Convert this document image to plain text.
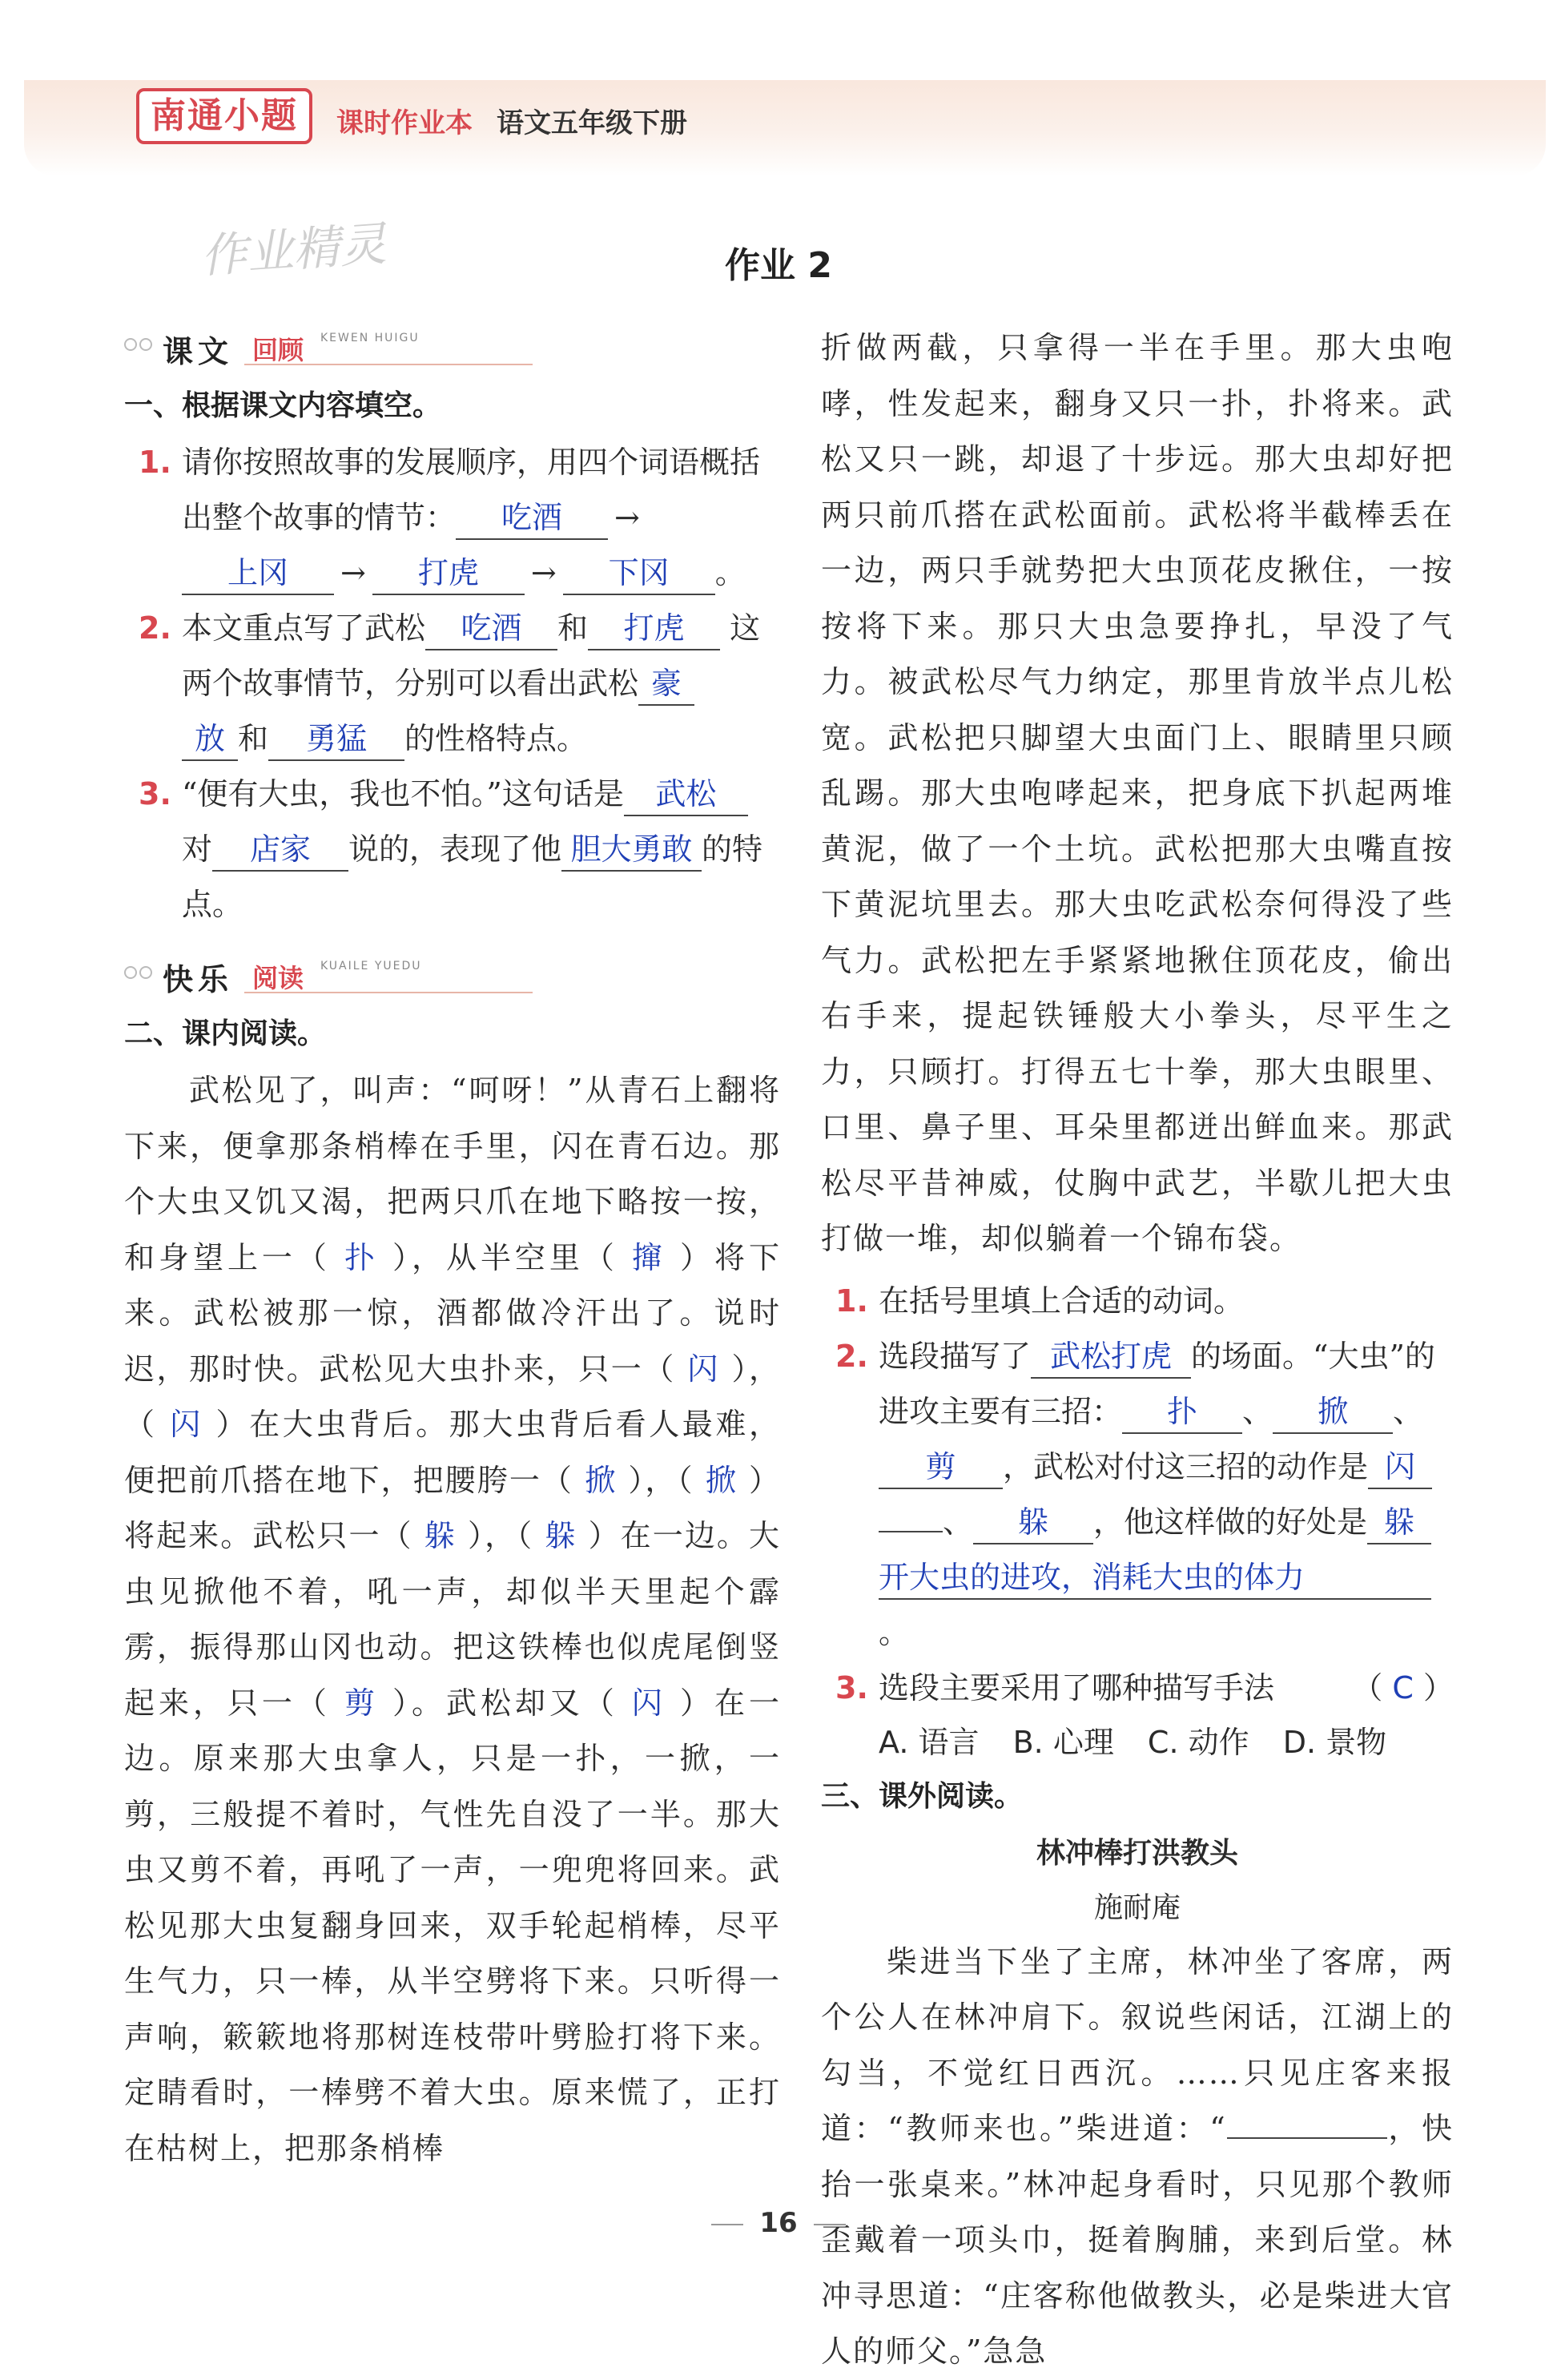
南通小题	课时作业本 语文五年级下册
作业精灵	作业 2
课文 回顾 KEWEN HUIGU
一、根据课文内容填空。
1. 请你按照故事的发展顺序，用四个词语概括出整个故事的情节： 吃酒 →
上冈 → 打虎 → 下冈 。
2. 本文重点写了武松 吃酒 和 打虎 这两个故事情节，分别可以看出武松 豪
放 和 勇猛 的性格特点。
3. “便有大虫，我也不怕。”这句话是 武松
对 店家 说的，表现了他 胆大勇敢 的特点。
快乐 阅读 KUAILE YUEDU
二、课内阅读。
武松见了，叫声：“呵呀！”从青石上翻将下来，便拿那条梢棒在手里，闪在青石边。那个大虫又饥又渴，把两只爪在地下略按一按，和身望上一（ 扑 ），从半空里（ 撺 ）将下来。武松被那一惊，酒都做冷汗出了。说时迟，那时快。武松见大虫扑来，只一（ 闪 ），（ 闪 ）在大虫背后。那大虫背后看人最难，便把前爪搭在地下，把腰胯一（ 掀 ），（ 掀 ）将起来。武松只一（ 躲 ），（ 躲 ）在一边。大虫见掀他不着，吼一声，却似半天里起个霹雳，振得那山冈也动。把这铁棒也似虎尾倒竖起来，只一（ 剪 ）。武松却又（ 闪 ）在一边。原来那大虫拿人，只是一扑，一掀，一剪，三般提不着时，气性先自没了一半。那大虫又剪不着，再吼了一声，一兜兜将回来。武松见那大虫复翻身回来，双手轮起梢棒，尽平生气力，只一棒，从半空劈将下来。只听得一声响，簌簌地将那树连枝带叶劈脸打将下来。定睛看时，一棒劈不着大虫。原来慌了，正打在枯树上，把那条梢棒
折做两截，只拿得一半在手里。那大虫咆哮，性发起来，翻身又只一扑，扑将来。武松又只一跳，却退了十步远。那大虫却好把两只前爪搭在武松面前。武松将半截棒丢在一边，两只手就势把大虫顶花皮揪住，一按按将下来。那只大虫急要挣扎，早没了气力。被武松尽气力纳定，那里肯放半点儿松宽。武松把只脚望大虫面门上、眼睛里只顾乱踢。那大虫咆哮起来，把身底下扒起两堆黄泥，做了一个土坑。武松把那大虫嘴直按下黄泥坑里去。那大虫吃武松奈何得没了些气力。武松把左手紧紧地揪住顶花皮，偷出右手来，提起铁锤般大小拳头，尽平生之力，只顾打。打得五七十拳，那大虫眼里、口里、鼻子里、耳朵里都迸出鲜血来。那武松尽平昔神威，仗胸中武艺，半歇儿把大虫打做一堆，却似躺着一个锦布袋。
1. 在括号里填上合适的动词。
2. 选段描写了 武松打虎 的场面。“大虫”的进攻主要有三招： 扑 、 掀 、
剪 ，武松对付这三招的动作是 闪
、 躲 ，他这样做的好处是 躲
开大虫的进攻，消耗大虫的体力。
3. 选段主要采用了哪种描写手法	（ C ）
A. 语言 B. 心理 C. 动作 D. 景物
三、课外阅读。
林冲棒打洪教头
施耐庵
柴进当下坐了主席，林冲坐了客席，两个公人在林冲肩下。叙说些闲话，江湖上的勾当，不觉红日西沉。……只见庄客来报道：“教师来也。”柴进道：“	，快抬一张桌来。”林冲起身看时，只见那个教师歪戴着一项头巾，挺着胸脯，来到后堂。林冲寻思道：“庄客称他做教头，必是柴进大官人的师父。”急急
16
